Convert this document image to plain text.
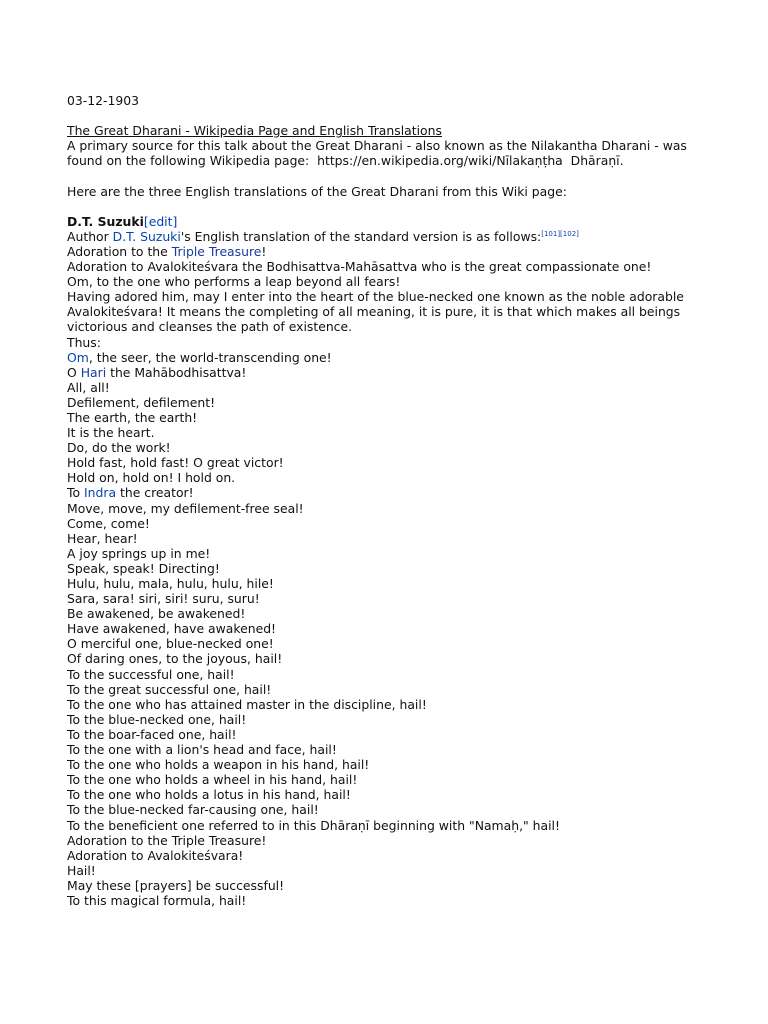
03-12-1903
The Great Dharani - Wikipedia Page and English Translations
A primary source for this talk about the Great Dharani - also known as the Nilakantha Dharani - was
found on the following Wikipedia page:  https://en.wikipedia.org/wiki/Nīlakaṇṭha  Dhāraṇī.
Here are the three English translations of the Great Dharani from this Wiki page:
D.T. Suzuki[edit]
Author D.T. Suzuki's English translation of the standard version is as follows:[101][102]
Adoration to the Triple Treasure!
Adoration to Avalokiteśvara the Bodhisattva-Mahāsattva who is the great compassionate one!
Om, to the one who performs a leap beyond all fears!
Having adored him, may I enter into the heart of the blue-necked one known as the noble adorable
Avalokiteśvara! It means the completing of all meaning, it is pure, it is that which makes all beings
victorious and cleanses the path of existence.
Thus:
Om, the seer, the world-transcending one!
O Hari the Mahābodhisattva!
All, all!
Defilement, defilement!
The earth, the earth!
It is the heart.
Do, do the work!
Hold fast, hold fast! O great victor!
Hold on, hold on! I hold on.
To Indra the creator!
Move, move, my defilement-free seal!
Come, come!
Hear, hear!
A joy springs up in me!
Speak, speak! Directing!
Hulu, hulu, mala, hulu, hulu, hile!
Sara, sara! siri, siri! suru, suru!
Be awakened, be awakened!
Have awakened, have awakened!
O merciful one, blue-necked one!
Of daring ones, to the joyous, hail!
To the successful one, hail!
To the great successful one, hail!
To the one who has attained master in the discipline, hail!
To the blue-necked one, hail!
To the boar-faced one, hail!
To the one with a lion's head and face, hail!
To the one who holds a weapon in his hand, hail!
To the one who holds a wheel in his hand, hail!
To the one who holds a lotus in his hand, hail!
To the blue-necked far-causing one, hail!
To the beneficient one referred to in this Dhāraṇī beginning with "Namaḥ," hail!
Adoration to the Triple Treasure!
Adoration to Avalokiteśvara!
Hail!
May these [prayers] be successful!
To this magical formula, hail!
